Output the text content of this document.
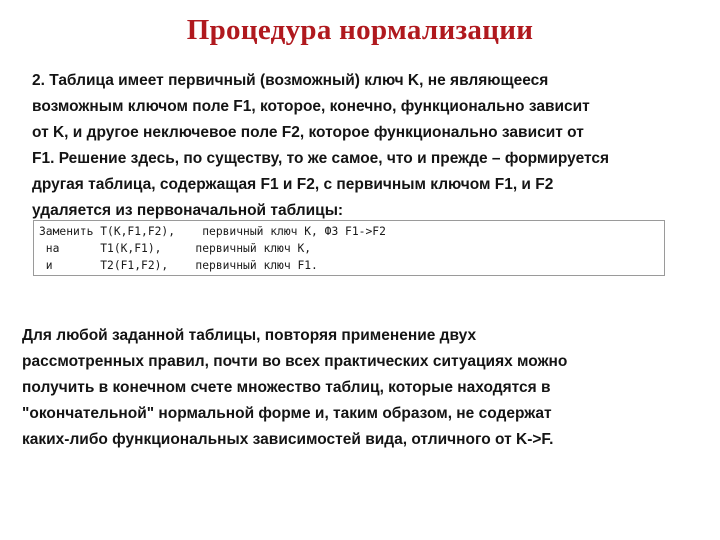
Процедура нормализации
2. Таблица имеет первичный (возможный) ключ K, не являющееся
возможным ключом поле F1, которое, конечно, функционально зависит
от K, и другое неключевое поле F2, которое функционально зависит от
F1. Решение здесь, по существу, то же самое, что и прежде – формируется
другая таблица, содержащая F1 и F2, с первичным ключом F1, и F2
удаляется из первоначальной таблицы:
Заменить T(K,F1,F2),    первичный ключ K, ФЗ F1->F2
на      T1(K,F1),     первичный ключ K,
и       T2(F1,F2),    первичный ключ F1.
Для любой заданной таблицы, повторяя применение двух
рассмотренных правил, почти во всех практических ситуациях можно
получить в конечном счете множество таблиц, которые находятся в
"окончательной" нормальной форме и, таким образом, не содержат
каких-либо функциональных зависимостей вида, отличного от K->F.
